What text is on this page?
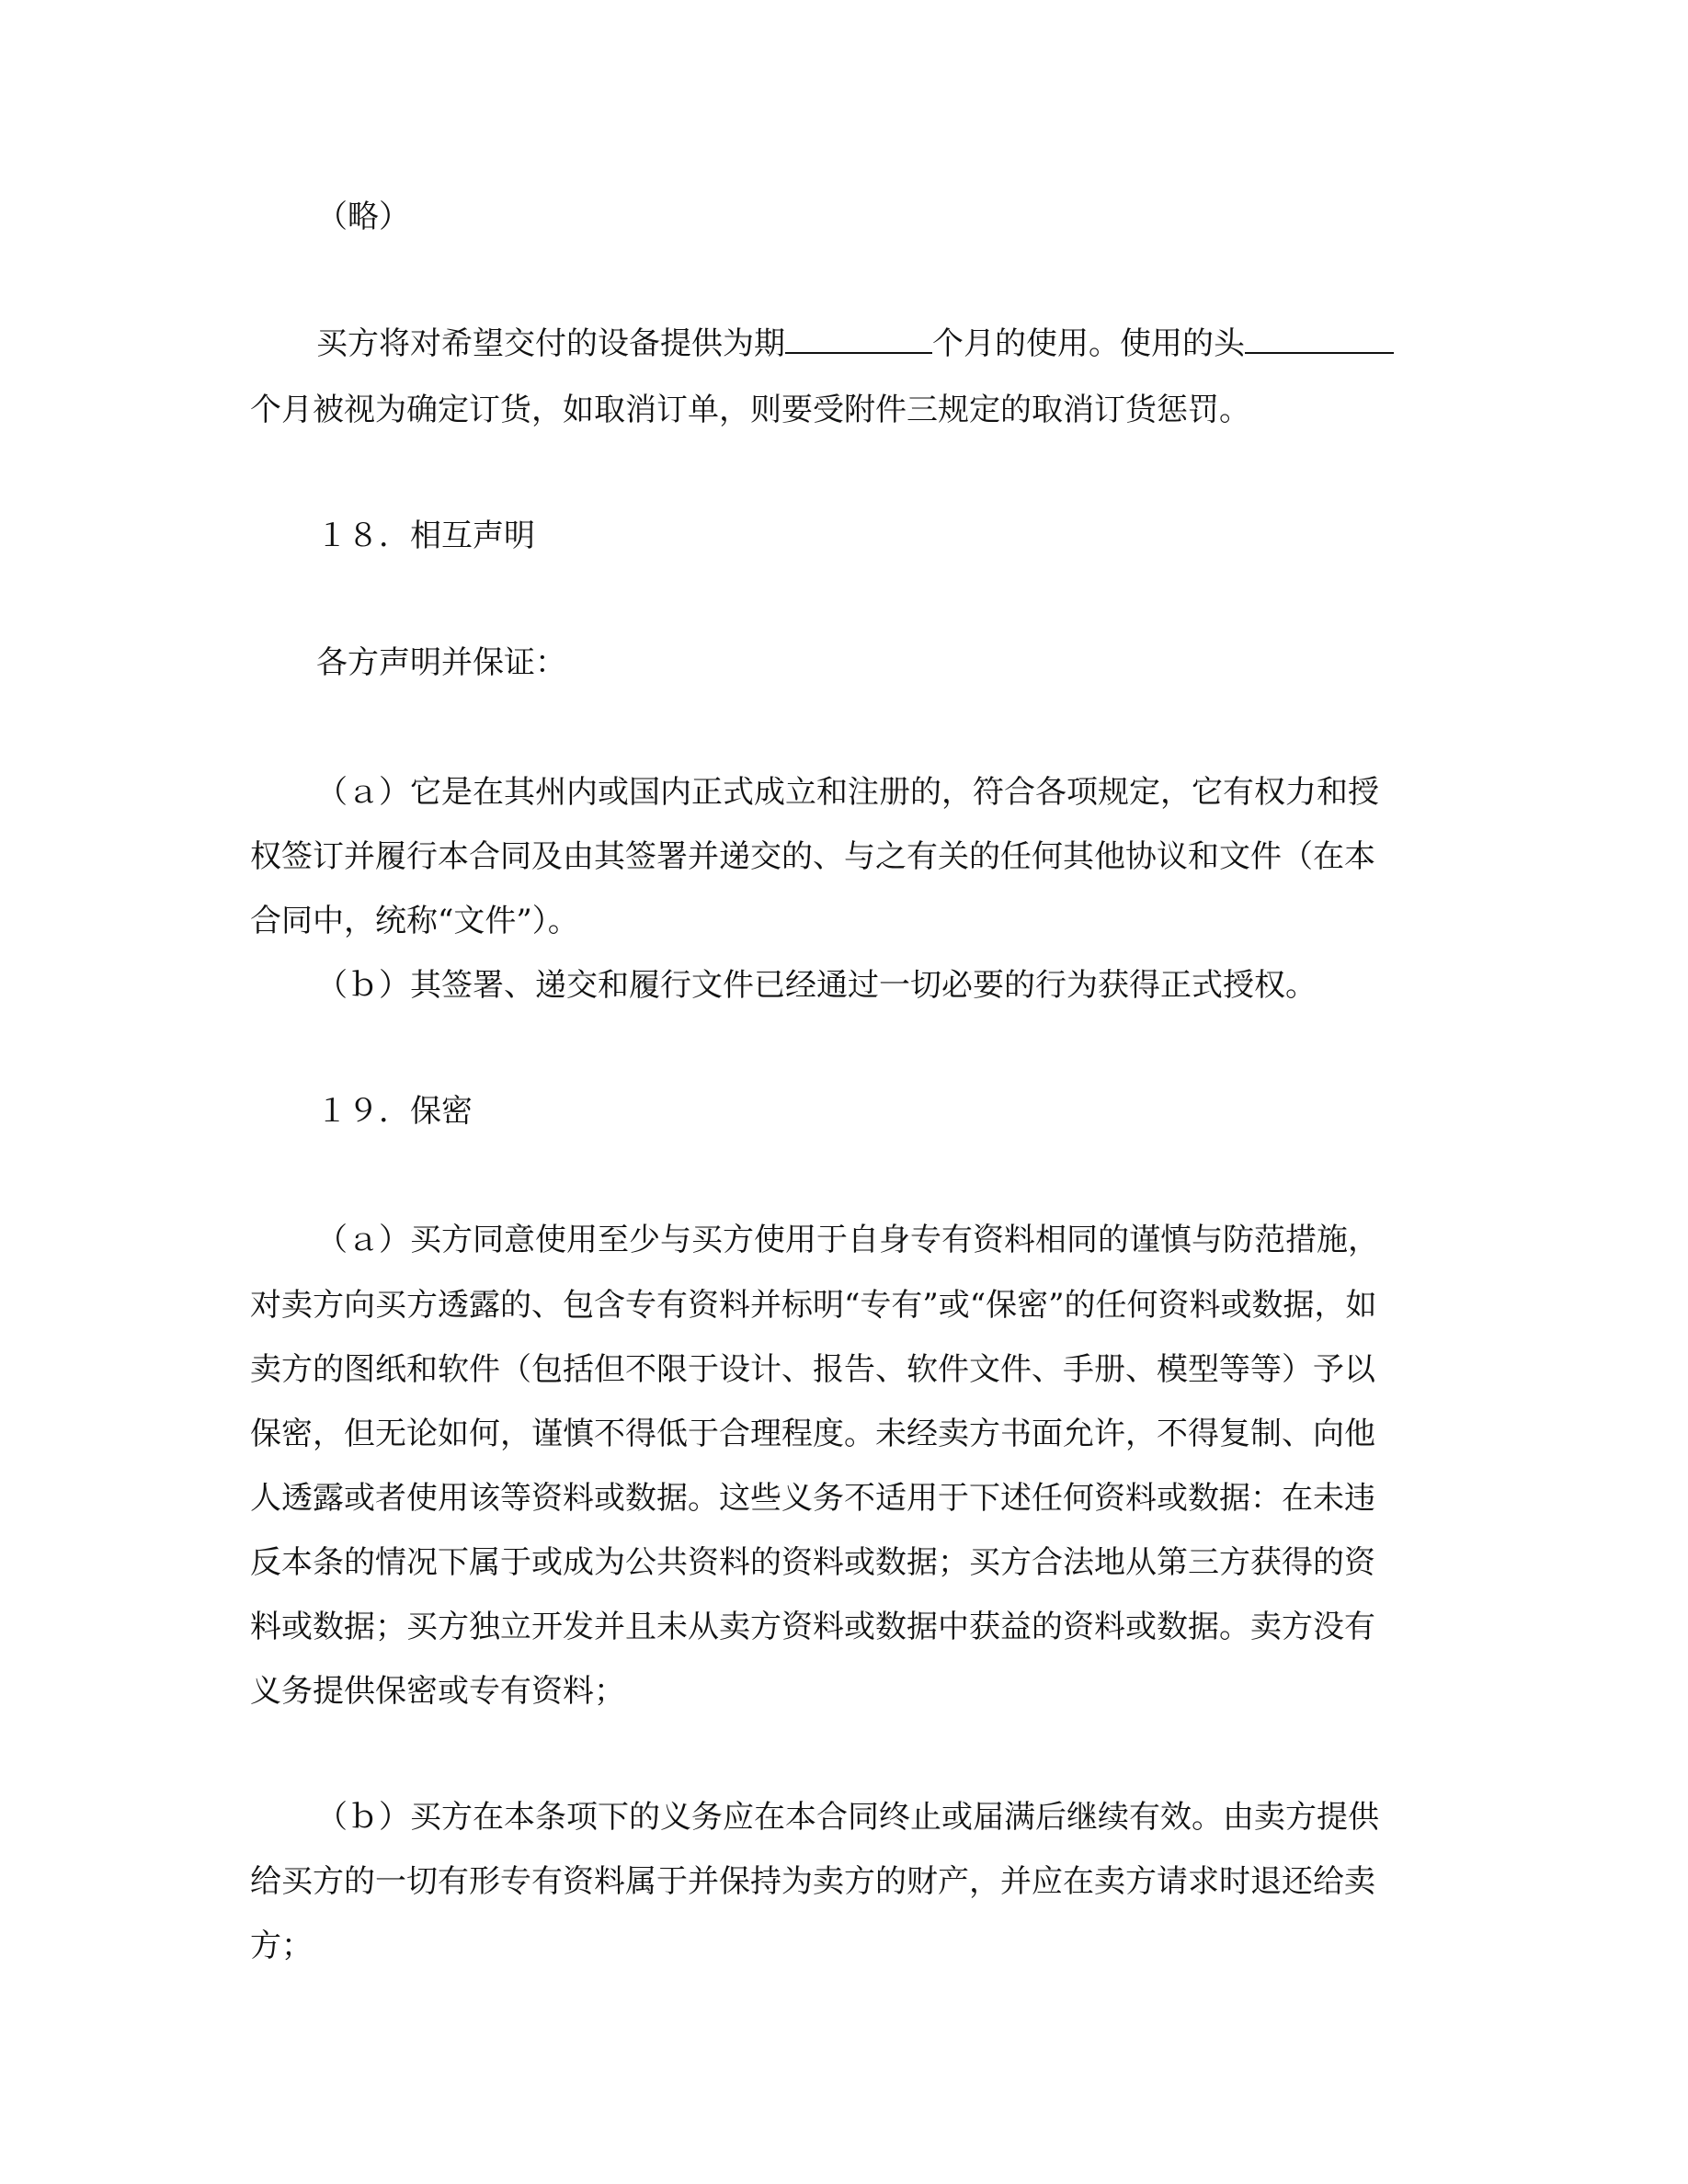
（略）
买方将对希望交付的设备提供为期	个月的使用。使用的头
个月被视为确定订货，如取消订单，则要受附件三规定的取消订货惩罚。
１８．相互声明
各方声明并保证：
（ａ）它是在其州内或国内正式成立和注册的，符合各项规定，它有权力和授
权签订并履行本合同及由其签署并递交的、与之有关的任何其他协议和文件（在本
合同中，统称“文件”）。
（ｂ）其签署、递交和履行文件已经通过一切必要的行为获得正式授权。
１９．保密
（ａ）买方同意使用至少与买方使用于自身专有资料相同的谨慎与防范措施，
对卖方向买方透露的、包含专有资料并标明“专有”或“保密”的任何资料或数据，如
卖方的图纸和软件（包括但不限于设计、报告、软件文件、手册、模型等等）予以
保密，但无论如何，谨慎不得低于合理程度。未经卖方书面允许，不得复制、向他
人透露或者使用该等资料或数据。这些义务不适用于下述任何资料或数据：在未违
反本条的情况下属于或成为公共资料的资料或数据；买方合法地从第三方获得的资
料或数据；买方独立开发并且未从卖方资料或数据中获益的资料或数据。卖方没有
义务提供保密或专有资料；
（ｂ）买方在本条项下的义务应在本合同终止或届满后继续有效。由卖方提供
给买方的一切有形专有资料属于并保持为卖方的财产，并应在卖方请求时退还给卖
方；
